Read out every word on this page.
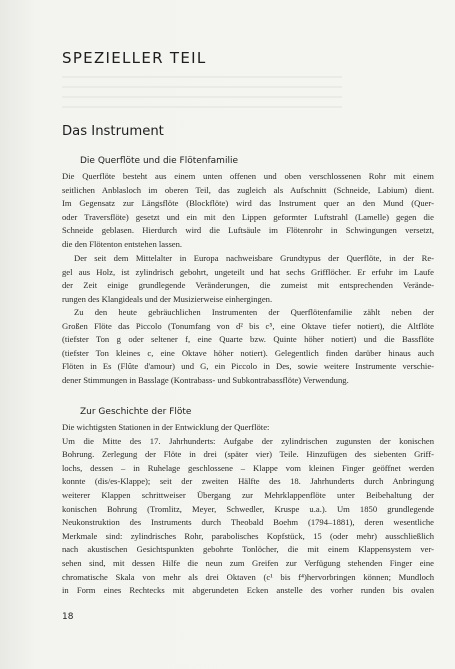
SPEZIELLER TEIL
Das Instrument
Die Querflöte und die Flötenfamilie
Die Querflöte besteht aus einem unten offenen und oben verschlossenen Rohr mit einem
seitlichen Anblasloch im oberen Teil, das zugleich als Aufschnitt (Schneide, Labium) dient.
Im Gegensatz zur Längsflöte (Blockflöte) wird das Instrument quer an den Mund (Quer-
oder Traversflöte) gesetzt und ein mit den Lippen geformter Luftstrahl (Lamelle) gegen die
Schneide geblasen. Hierdurch wird die Luftsäule im Flötenrohr in Schwingungen versetzt,
die den Flötenton entstehen lassen.
Der seit dem Mittelalter in Europa nachweisbare Grundtypus der Querflöte, in der Re-
gel aus Holz, ist zylindrisch gebohrt, ungeteilt und hat sechs Grifflöcher. Er erfuhr im Laufe
der Zeit einige grundlegende Veränderungen, die zumeist mit entsprechenden Verände-
rungen des Klangideals und der Musizierweise einhergingen.
Zu den heute gebräuchlichen Instrumenten der Querflötenfamilie zählt neben der
Großen Flöte das Piccolo (Tonumfang von d² bis c⁵, eine Oktave tiefer notiert), die Altflöte
(tiefster Ton g oder seltener f, eine Quarte bzw. Quinte höher notiert) und die Bassflöte
(tiefster Ton kleines c, eine Oktave höher notiert). Gelegentlich finden darüber hinaus auch
Flöten in Es (Flûte d'amour) und G, ein Piccolo in Des, sowie weitere Instrumente verschie-
dener Stimmungen in Basslage (Kontrabass- und Subkontrabassflöte) Verwendung.
Zur Geschichte der Flöte
Die wichtigsten Stationen in der Entwicklung der Querflöte:
Um die Mitte des 17. Jahrhunderts: Aufgabe der zylindrischen zugunsten der konischen
Bohrung. Zerlegung der Flöte in drei (später vier) Teile. Hinzufügen des siebenten Griff-
lochs, dessen – in Ruhelage geschlossene – Klappe vom kleinen Finger geöffnet werden
konnte (dis/es-Klappe); seit der zweiten Hälfte des 18. Jahrhunderts durch Anbringung
weiterer Klappen schrittweiser Übergang zur Mehrklappenflöte unter Beibehaltung der
konischen Bohrung (Tromlitz, Meyer, Schwedler, Kruspe u.a.). Um 1850 grundlegende
Neukonstruktion des Instruments durch Theobald Boehm (1794–1881), deren wesentliche
Merkmale sind: zylindrisches Rohr, parabolisches Kopfstück, 15 (oder mehr) ausschließlich
nach akustischen Gesichtspunkten gebohrte Tonlöcher, die mit einem Klappensystem ver-
sehen sind, mit dessen Hilfe die neun zum Greifen zur Verfügung stehenden Finger eine
chromatische Skala von mehr als drei Oktaven (c¹ bis f⁴)hervorbringen können; Mundloch
in Form eines Rechtecks mit abgerundeten Ecken anstelle des vorher runden bis ovalen
18
